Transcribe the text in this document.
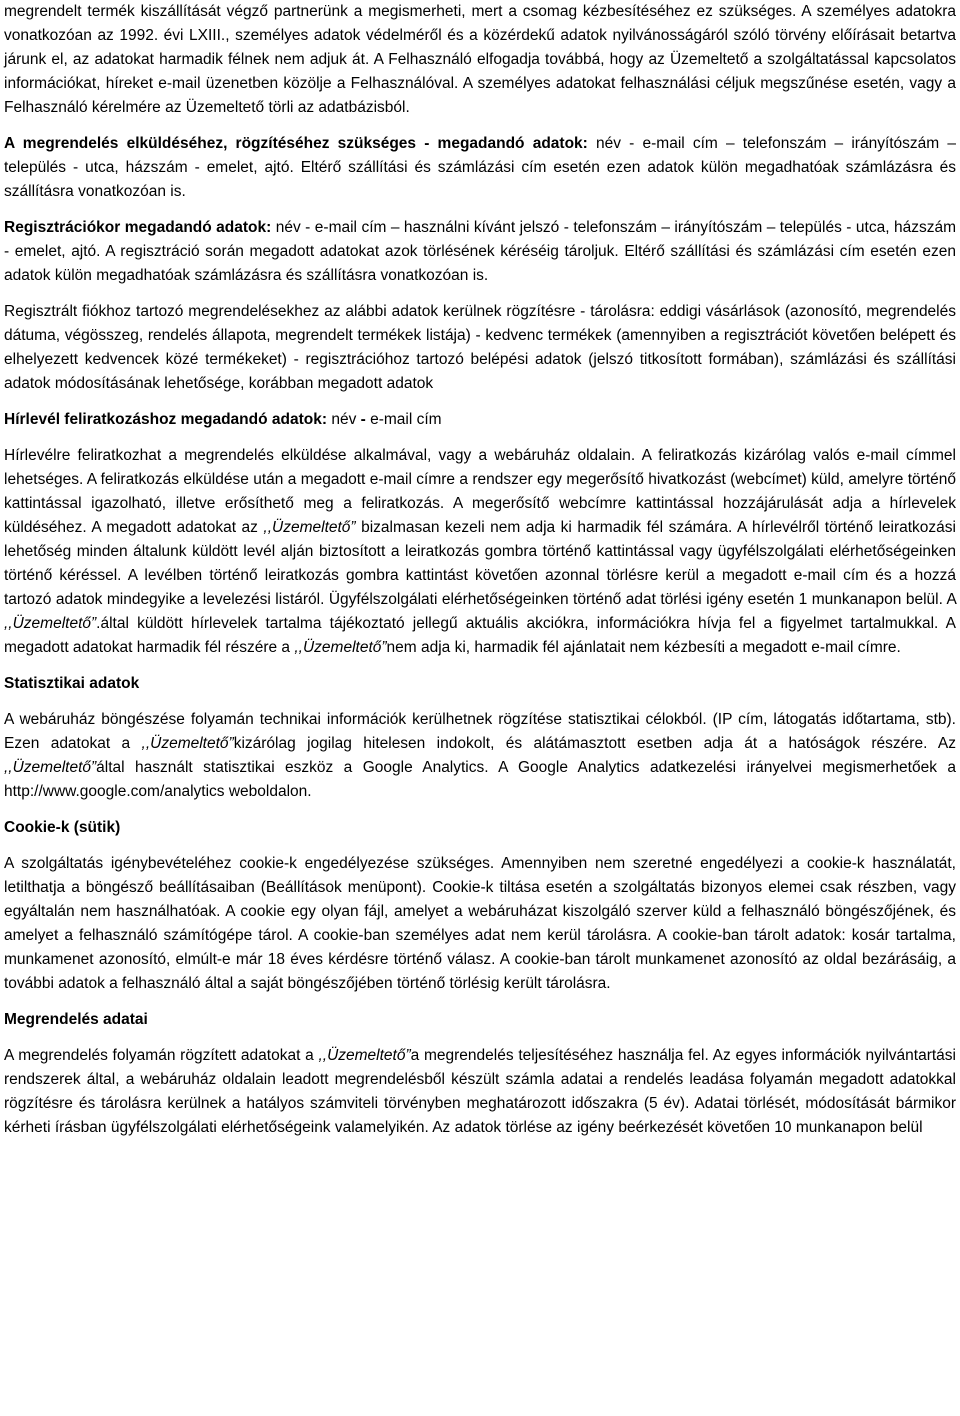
megrendelt termék kiszállítását végző partnerünk a megismerheti, mert a csomag kézbesítéséhez ez szükséges. A személyes adatokra vonatkozóan az 1992. évi LXIII., személyes adatok védelméről és a közérdekű adatok nyilvánosságáról szóló törvény előírásait betartva járunk el, az adatokat harmadik félnek nem adjuk át. A Felhasználó elfogadja továbbá, hogy az Üzemeltető a szolgáltatással kapcsolatos információkat, híreket e-mail üzenetben közölje a Felhasználóval. A személyes adatokat felhasználási céljuk megszűnése esetén, vagy a Felhasználó kérelmére az Üzemeltető törli az adatbázisból.

A megrendelés elküldéséhez, rögzítéséhez szükséges - megadandó adatok: név - e-mail cím – telefonszám – irányítószám – település - utca, házszám - emelet, ajtó. Eltérő szállítási és számlázási cím esetén ezen adatok külön megadhatóak számlázásra és szállításra vonatkozóan is.

Regisztrációkor megadandó adatok: név - e-mail cím – használni kívánt jelszó - telefonszám – irányítószám – település - utca, házszám - emelet, ajtó. A regisztráció során megadott adatokat azok törlésének kéréséig tároljuk. Eltérő szállítási és számlázási cím esetén ezen adatok külön megadhatóak számlázásra és szállításra vonatkozóan is.

Regisztrált fiókhoz tartozó megrendelésekhez az alábbi adatok kerülnek rögzítésre - tárolásra: eddigi vásárlások (azonosító, megrendelés dátuma, végösszeg, rendelés állapota, megrendelt termékek listája) - kedvenc termékek (amennyiben a regisztrációt követően belépett és elhelyezett kedvencek közé termékeket) - regisztrációhoz tartozó belépési adatok (jelszó titkosított formában), számlázási és szállítási adatok módosításának lehetősége, korábban megadott adatok

Hírlevél feliratkozáshoz megadandó adatok: név - e-mail cím

Hírlevélre feliratkozhat a megrendelés elküldése alkalmával, vagy a webáruház oldalain. A feliratkozás kizárólag valós e-mail címmel lehetséges. A feliratkozás elküldése után a megadott e-mail címre a rendszer egy megerősítő hivatkozást (webcímet) küld, amelyre történő kattintással igazolható, illetve erősíthető meg a feliratkozás. A megerősítő webcímre kattintással hozzájárulását adja a hírlevelek küldéséhez. A megadott adatokat az ,,Üzemeltető” bizalmasan kezeli nem adja ki harmadik fél számára. A hírlevélről történő leiratkozási lehetőség minden általunk küldött levél alján biztosított a leiratkozás gombra történő kattintással vagy ügyfélszolgálati elérhetőségeinken történő kéréssel. A levélben történő leiratkozás gombra kattintást követően azonnal törlésre kerül a megadott e-mail cím és a hozzá tartozó adatok mindegyike a levelezési listáról. Ügyfélszolgálati elérhetőségeinken történő adat törlési igény esetén 1 munkanapon belül. A ,,Üzemeltető”.által küldött hírlevelek tartalma tájékoztató jellegű aktuális akciókra, információkra hívja fel a figyelmet tartalmukkal. A megadott adatokat harmadik fél részére a ,,Üzemeltető”nem adja ki, harmadik fél ajánlatait nem kézbesíti a megadott e-mail címre.

Statisztikai adatok

A webáruház böngészése folyamán technikai információk kerülhetnek rögzítése statisztikai célokból. (IP cím, látogatás időtartama, stb). Ezen adatokat a ,,Üzemeltető”kizárólag jogilag hitelesen indokolt, és alátámasztott esetben adja át a hatóságok részére. Az ,,Üzemeltető”által használt statisztikai eszköz a Google Analytics. A Google Analytics adatkezelési irányelvei megismerhetőek a http://www.google.com/analytics weboldalon.

Cookie-k (sütik)

A szolgáltatás igénybevételéhez cookie-k engedélyezése szükséges. Amennyiben nem szeretné engedélyezi a cookie-k használatát, letilthatja a böngésző beállításaiban (Beállítások menüpont). Cookie-k tiltása esetén a szolgáltatás bizonyos elemei csak részben, vagy egyáltalán nem használhatóak. A cookie egy olyan fájl, amelyet a webáruházat kiszolgáló szerver küld a felhasználó böngészőjének, és amelyet a felhasználó számítógépe tárol. A cookie-ban személyes adat nem kerül tárolásra. A cookie-ban tárolt adatok: kosár tartalma, munkamenet azonosító, elmúlt-e már 18 éves kérdésre történő válasz. A cookie-ban tárolt munkamenet azonosító az oldal bezárásáig, a további adatok a felhasználó által a saját böngészőjében történő törlésig került tárolásra.

Megrendelés adatai

A megrendelés folyamán rögzített adatokat a ,,Üzemeltető”a megrendelés teljesítéséhez használja fel. Az egyes információk nyilvántartási rendszerek által, a webáruház oldalain leadott megrendelésből készült számla adatai a rendelés leadása folyamán megadott adatokkal rögzítésre és tárolásra kerülnek a hatályos számviteli törvényben meghatározott időszakra (5 év). Adatai törlését, módosítását bármikor kérheti írásban ügyfélszolgálati elérhetőségeink valamelyikén. Az adatok törlése az igény beérkezését követően 10 munkanapon belül
